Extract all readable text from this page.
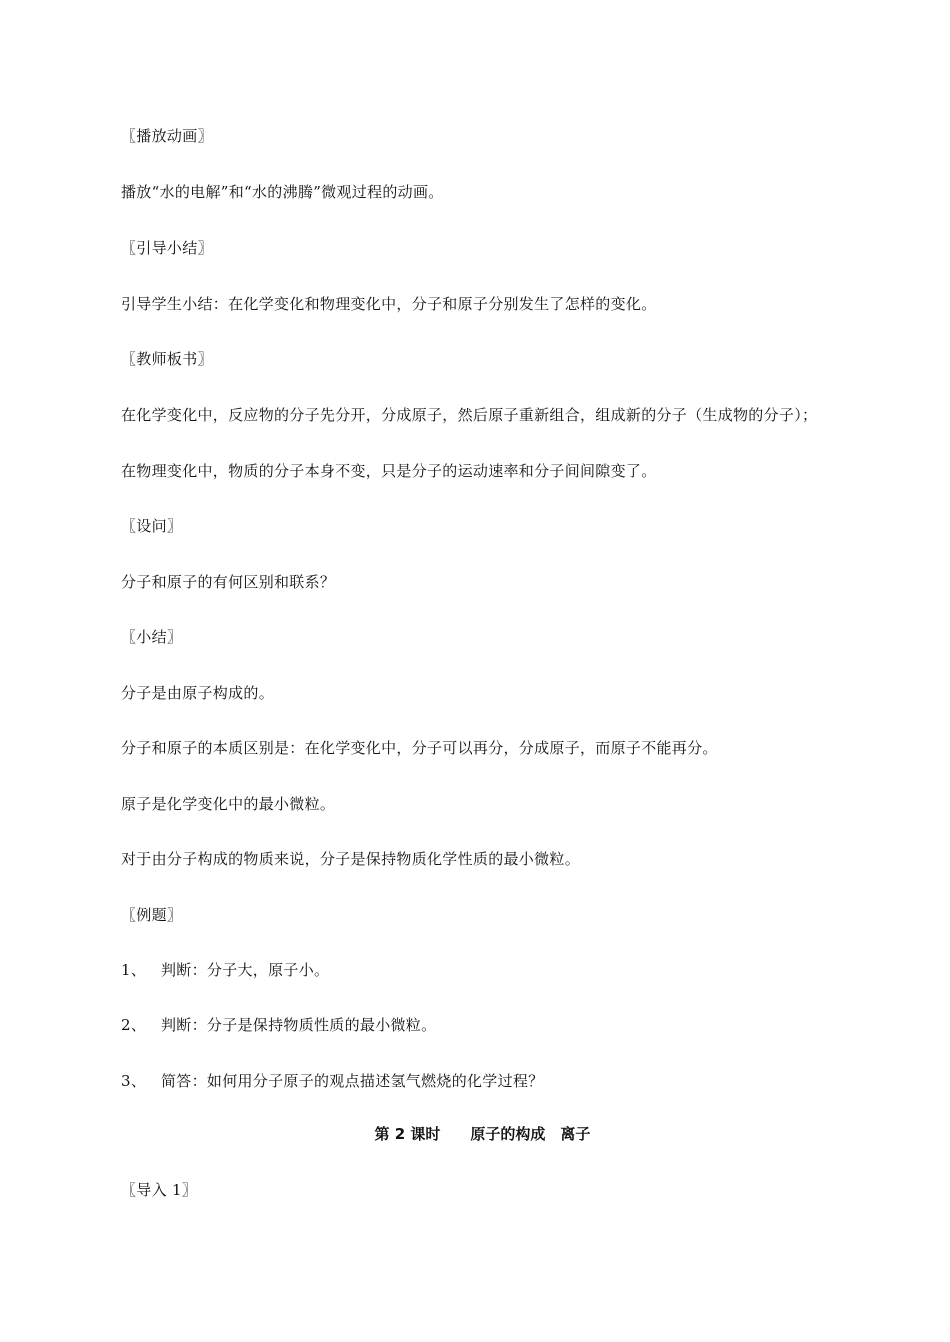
〖播放动画〗
播放“水的电解”和“水的沸腾”微观过程的动画。
〖引导小结〗
引导学生小结：在化学变化和物理变化中，分子和原子分别发生了怎样的变化。
〖教师板书〗
在化学变化中，反应物的分子先分开，分成原子，然后原子重新组合，组成新的分子（生成物的分子）；
在物理变化中，物质的分子本身不变，只是分子的运动速率和分子间间隙变了。
〖设问〗
分子和原子的有何区别和联系？
〖小结〗
分子是由原子构成的。
分子和原子的本质区别是：在化学变化中，分子可以再分，分成原子，而原子不能再分。
原子是化学变化中的最小微粒。
对于由分子构成的物质来说，分子是保持物质化学性质的最小微粒。
〖例题〗
1、 判断：分子大，原子小。
2、 判断：分子是保持物质性质的最小微粒。
3、 简答：如何用分子原子的观点描述氢气燃烧的化学过程？
第 2 课时　　原子的构成　离子
〖导入 1〗
